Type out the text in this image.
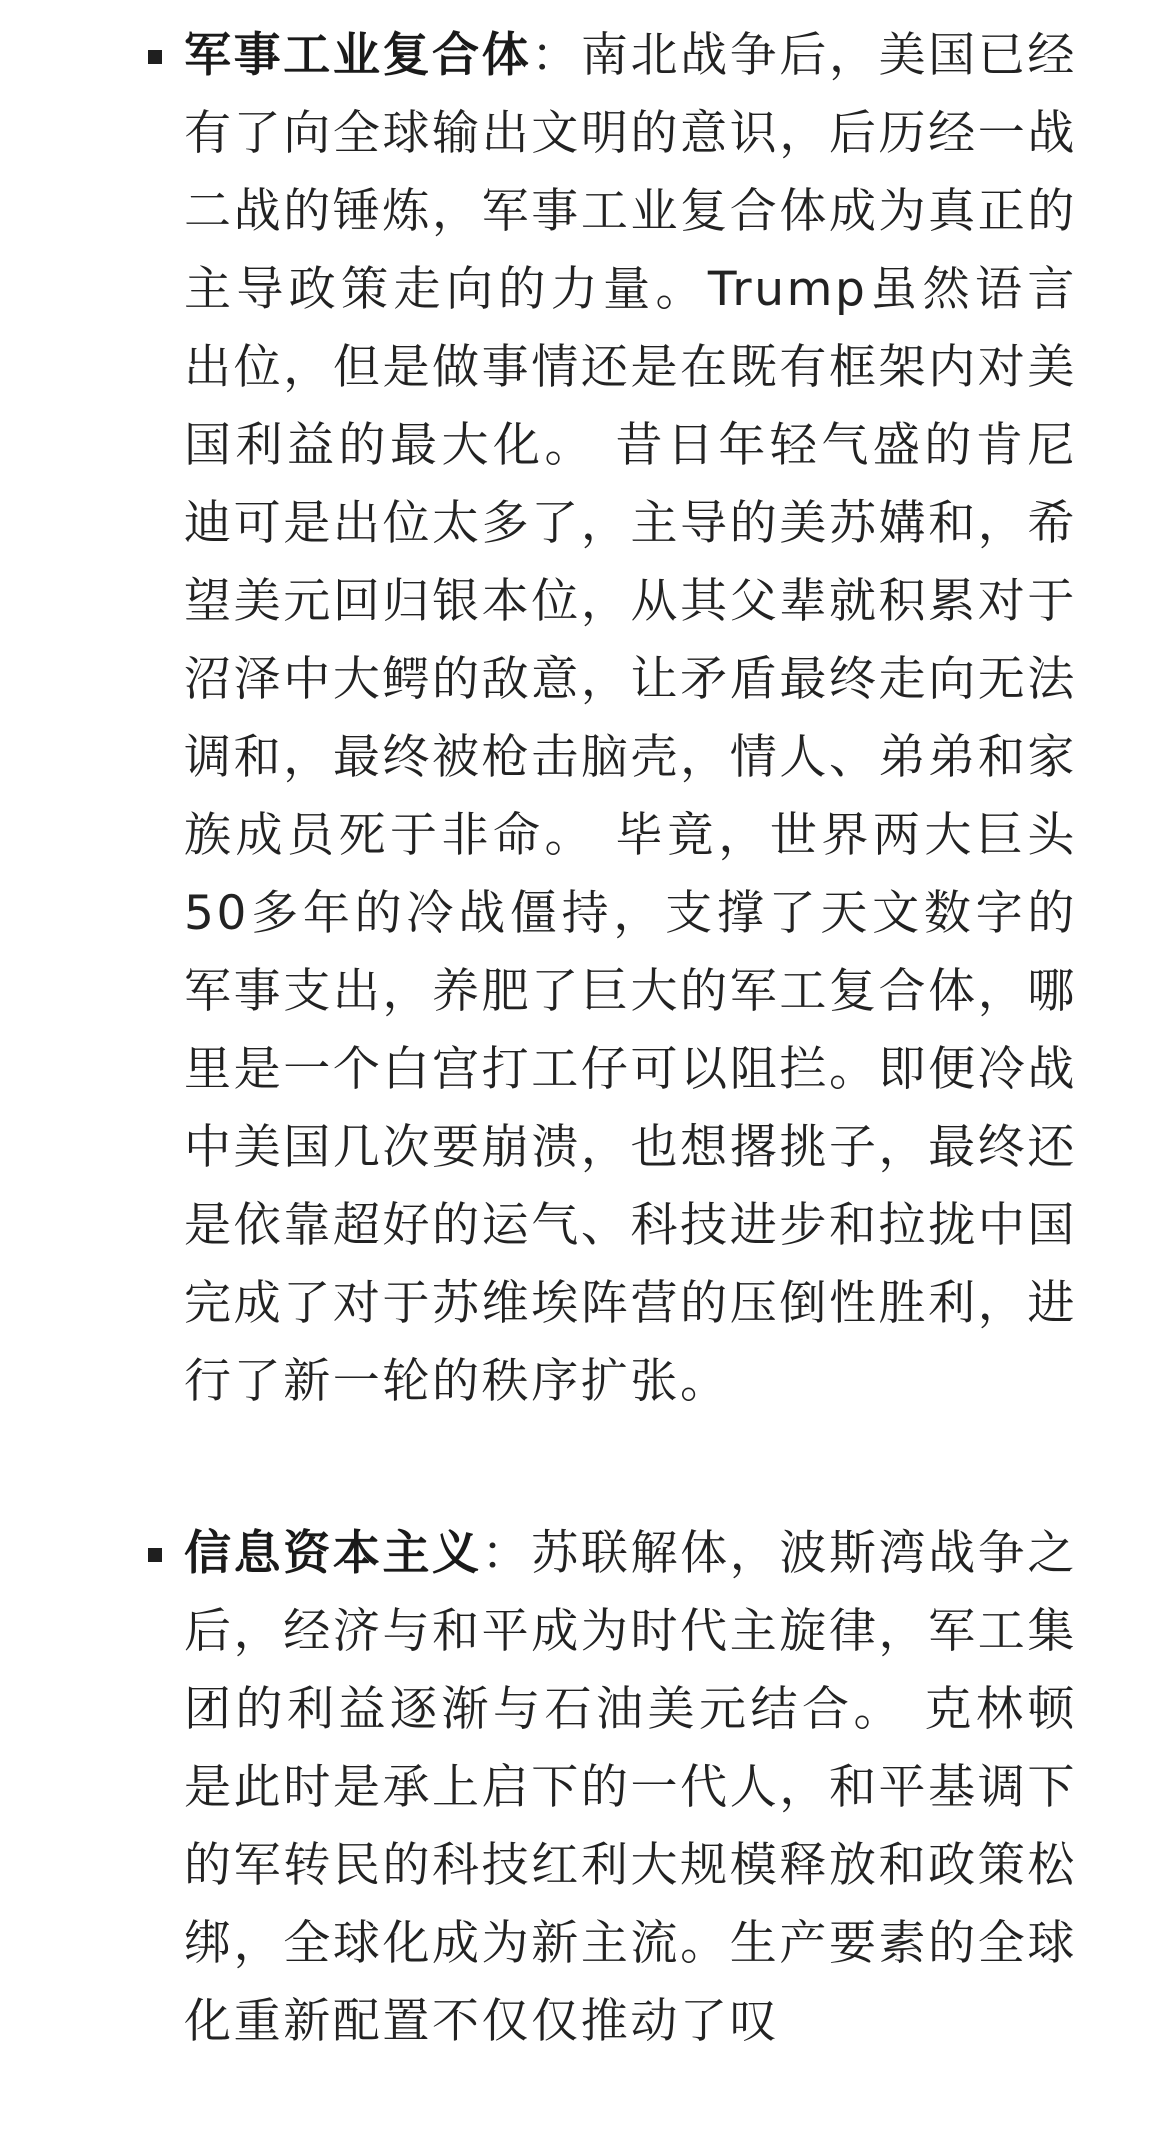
军事工业复合体：南北战争后，美国已经有了向全球输出文明的意识，后历经一战二战的锤炼，军事工业复合体成为真正的主导政策走向的力量。Trump虽然语言出位，但是做事情还是在既有框架内对美国利益的最大化。 昔日年轻气盛的肯尼迪可是出位太多了，主导的美苏媾和，希望美元回归银本位，从其父辈就积累对于沼泽中大鳄的敌意，让矛盾最终走向无法调和，最终被枪击脑壳，情人、弟弟和家族成员死于非命。 毕竟，世界两大巨头50多年的冷战僵持，支撑了天文数字的军事支出，养肥了巨大的军工复合体，哪里是一个白宫打工仔可以阻拦。即便冷战中美国几次要崩溃，也想撂挑子，最终还是依靠超好的运气、科技进步和拉拢中国完成了对于苏维埃阵营的压倒性胜利，进行了新一轮的秩序扩张。
信息资本主义：苏联解体，波斯湾战争之后，经济与和平成为时代主旋律，军工集团的利益逐渐与石油美元结合。 克林顿是此时是承上启下的一代人，和平基调下的军转民的科技红利大规模释放和政策松绑，全球化成为新主流。生产要素的全球化重新配置不仅仅推动了叹
